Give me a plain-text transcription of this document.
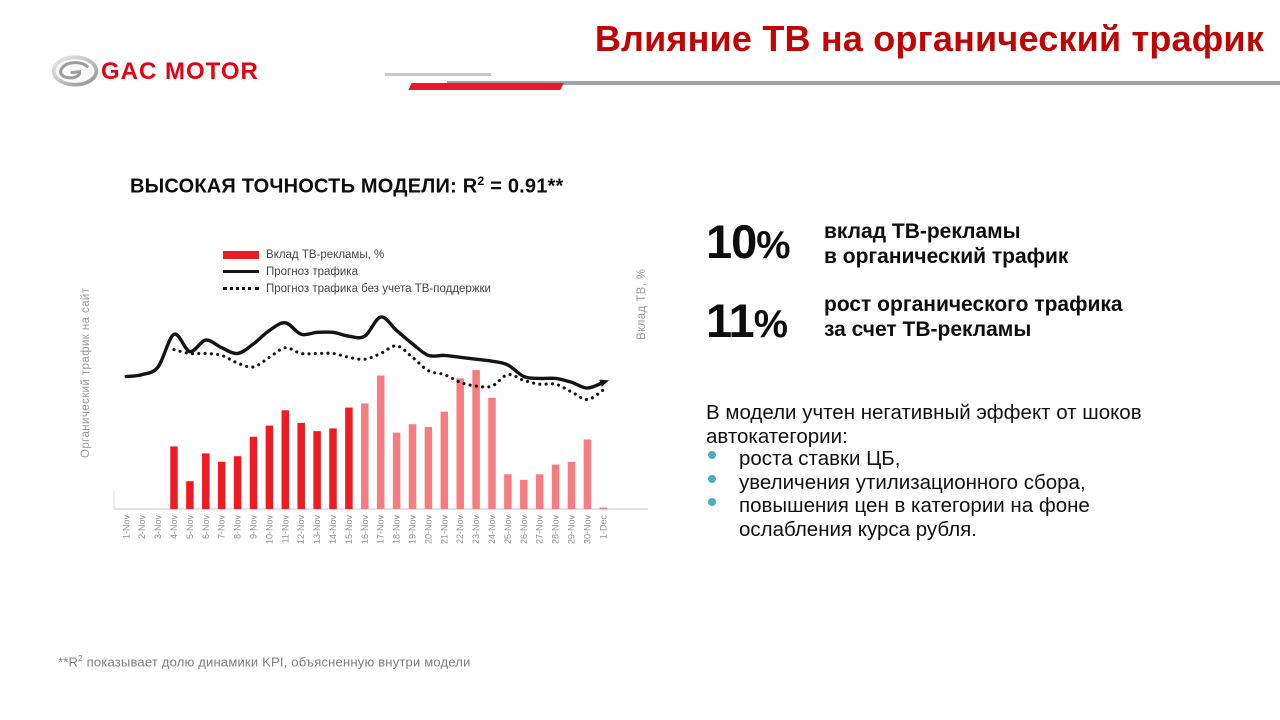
GAC MOTOR
Влияние ТВ на органический трафик
ВЫСОКАЯ ТОЧНОСТЬ МОДЕЛИ: $R^2 = 0.91**$
Вклад ТВ-рекламы, %
Прогноз трафика
Прогноз трафика без учета ТВ-поддержки
Органический трафик на сайт	Вклад ТВ, %
1-Nov 2-Nov 3-Nov 4-Nov 5-Nov 6-Nov 7-Nov 8-Nov 9-Nov 10-Nov 11-Nov 12-Nov 13-Nov 14-Nov 15-Nov 16-Nov 17-Nov 18-Nov 19-Nov 20-Nov 21-Nov 22-Nov 23-Nov 24-Nov 25-Nov 26-Nov 27-Nov 28-Nov 29-Nov 30-Nov 1-Dec
10% вклад ТВ-рекламы
в органический трафик
11% рост органического трафика
за счет ТВ-рекламы
В модели учтен негативный эффект от шоков автокатегории:
роста ставки ЦБ,
увеличения утилизационного сбора,
повышения цен в категории на фоне ослабления курса рубля.
$**R^2$ показывает долю динамики KPI, объясненную внутри модели
